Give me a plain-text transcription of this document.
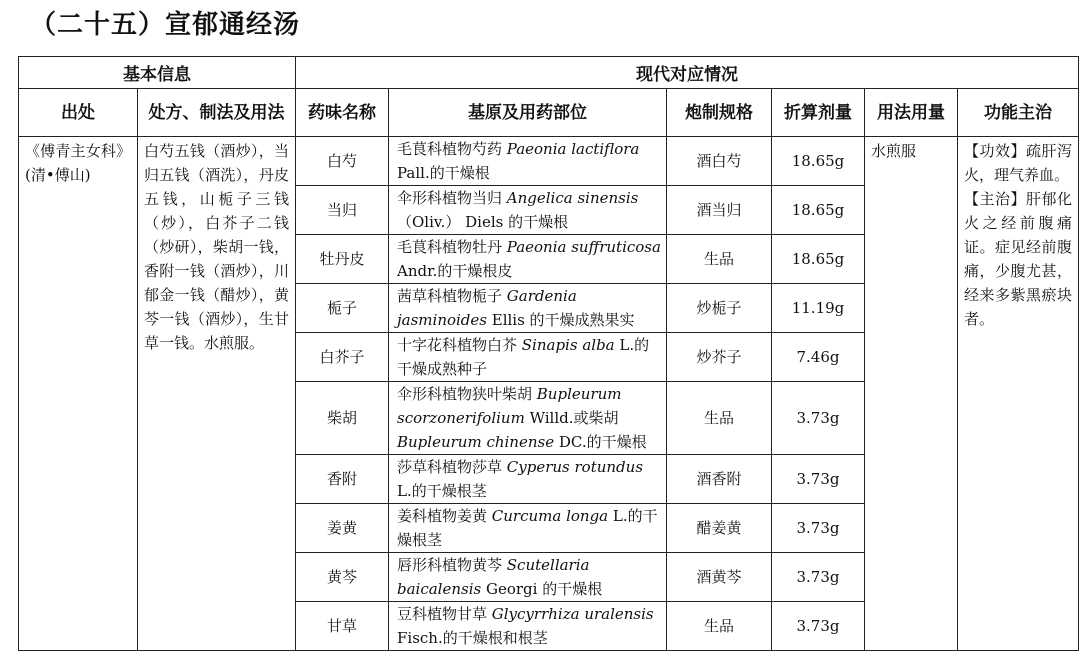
（二十五）宣郁通经汤
基本信息		现代对应情况					
出处	处方、制法及用法	药味名称	基原及用药部位	炮制规格	折算剂量	用法用量	功能主治
《傅青主女科》(清•傅山)	白芍五钱（酒炒），当归五钱（酒洗），丹皮五钱，山栀子三钱（炒），白芥子二钱（炒研），柴胡一钱，香附一钱（酒炒），川郁金一钱（醋炒），黄芩一钱（酒炒），生甘草一钱。水煎服。	白芍	毛茛科植物芍药 Paeonia lactiflora Pall.的干燥根	酒白芍	18.65g	水煎服	【功效】疏肝泻火，理气养血。
【主治】肝郁化火之经前腹痛证。症见经前腹痛，少腹尤甚，经来多紫黑瘀块者。
		当归	伞形科植物当归 Angelica sinensis （Oliv.） Diels 的干燥根	酒当归	18.65g		
		牡丹皮	毛茛科植物牡丹 Paeonia suffruticosa Andr.的干燥根皮	生品	18.65g		
		栀子	茜草科植物栀子 Gardenia jasminoides Ellis 的干燥成熟果实	炒栀子	11.19g		
		白芥子	十字花科植物白芥 Sinapis alba L.的干燥成熟种子	炒芥子	7.46g		
		柴胡	伞形科植物狭叶柴胡 Bupleurum scorzonerifolium Willd.或柴胡 Bupleurum chinense DC.的干燥根	生品	3.73g		
		香附	莎草科植物莎草 Cyperus rotundus L.的干燥根茎	酒香附	3.73g		
		姜黄	姜科植物姜黄 Curcuma longa L.的干燥根茎	醋姜黄	3.73g		
		黄芩	唇形科植物黄芩 Scutellaria baicalensis Georgi 的干燥根	酒黄芩	3.73g		
		甘草	豆科植物甘草 Glycyrrhiza uralensis Fisch.的干燥根和根茎	生品	3.73g		
